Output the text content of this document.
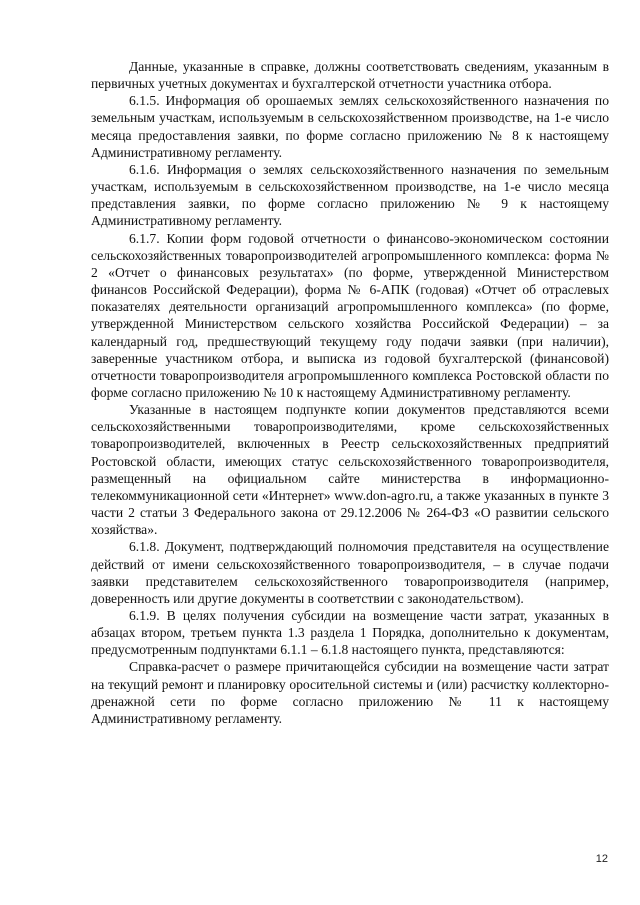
Данные, указанные в справке, должны соответствовать сведениям, указанным в первичных учетных документах и бухгалтерской отчетности участника отбора.

6.1.5. Информация об орошаемых землях сельскохозяйственного назначения по земельным участкам, используемым в сельскохозяйственном производстве, на 1-е число месяца предоставления заявки, по форме согласно приложению № 8 к настоящему Административному регламенту.

6.1.6. Информация о землях сельскохозяйственного назначения по земельным участкам, используемым в сельскохозяйственном производстве, на 1-е число месяца представления заявки, по форме согласно приложению № 9 к настоящему Административному регламенту.

6.1.7. Копии форм годовой отчетности о финансово-экономическом состоянии сельскохозяйственных товаропроизводителей агропромышленного комплекса: форма № 2 «Отчет о финансовых результатах» (по форме, утвержденной Министерством финансов Российской Федерации), форма № 6-АПК (годовая) «Отчет об отраслевых показателях деятельности организаций агропромышленного комплекса» (по форме, утвержденной Министерством сельского хозяйства Российской Федерации) – за календарный год, предшествующий текущему году подачи заявки (при наличии), заверенные участником отбора, и выписка из годовой бухгалтерской (финансовой) отчетности товаропроизводителя агропромышленного комплекса Ростовской области по форме согласно приложению № 10 к настоящему Административному регламенту.

Указанные в настоящем подпункте копии документов представляются всеми сельскохозяйственными товаропроизводителями, кроме сельскохозяйственных товаропроизводителей, включенных в Реестр сельскохозяйственных предприятий Ростовской области, имеющих статус сельскохозяйственного товаропроизводителя, размещенный на официальном сайте министерства в информационно-телекоммуникационной сети «Интернет» www.don-agro.ru, а также указанных в пункте 3 части 2 статьи 3 Федерального закона от 29.12.2006 № 264-ФЗ «О развитии сельского хозяйства».

6.1.8. Документ, подтверждающий полномочия представителя на осуществление действий от имени сельскохозяйственного товаропроизводителя, – в случае подачи заявки представителем сельскохозяйственного товаропроизводителя (например, доверенность или другие документы в соответствии с законодательством).

6.1.9. В целях получения субсидии на возмещение части затрат, указанных в абзацах втором, третьем пункта 1.3 раздела 1 Порядка, дополнительно к документам, предусмотренным подпунктами 6.1.1 – 6.1.8 настоящего пункта, представляются:

Справка-расчет о размере причитающейся субсидии на возмещение части затрат на текущий ремонт и планировку оросительной системы и (или) расчистку коллекторно-дренажной сети по форме согласно приложению № 11 к настоящему Административному регламенту.

12
